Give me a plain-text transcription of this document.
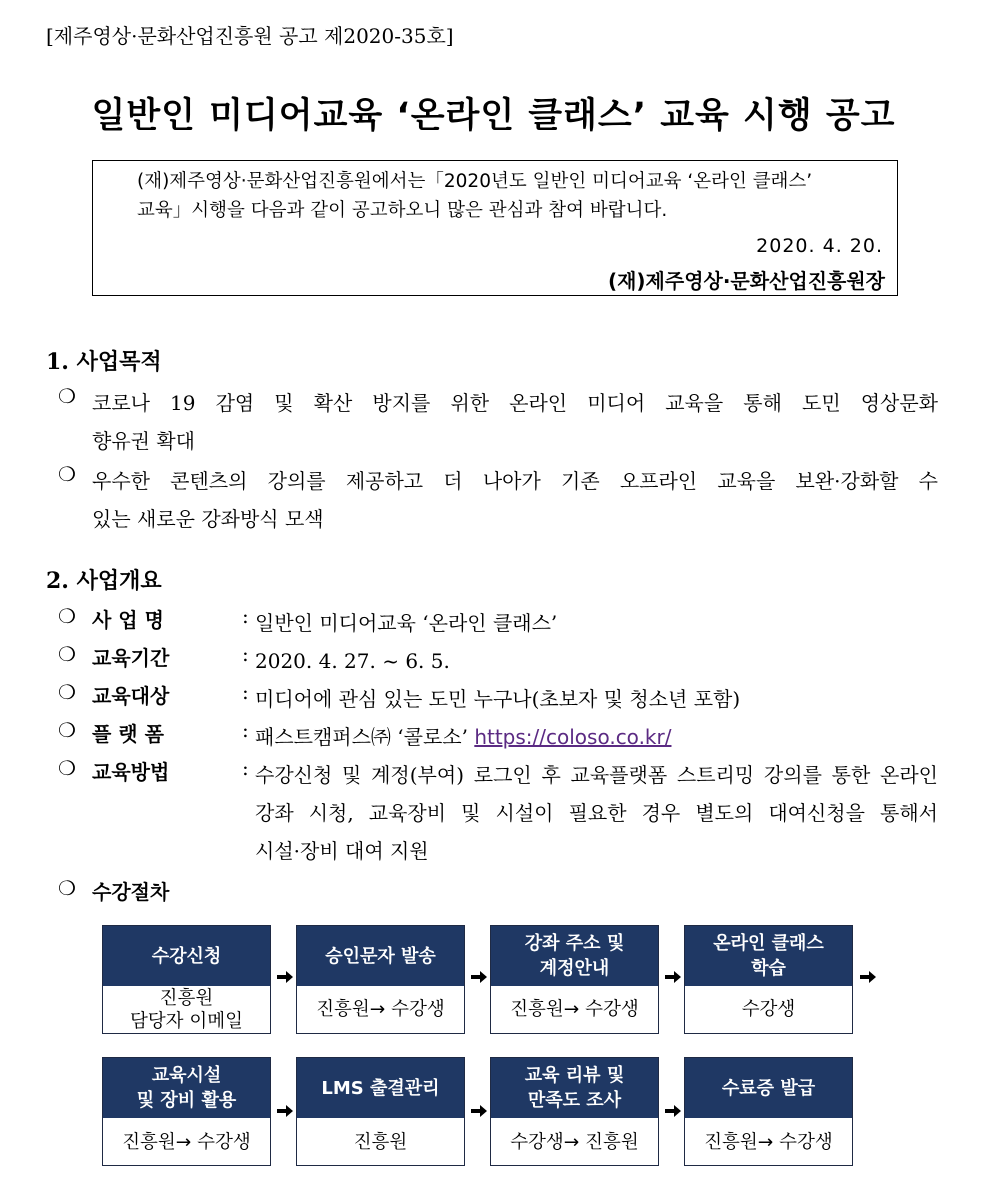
[제주영상·문화산업진흥원 공고 제2020-35호]
일반인 미디어교육 ‘온라인 클래스’ 교육 시행 공고
(재)제주영상·문화산업진흥원에서는「2020년도 일반인 미디어교육 ‘온라인 클래스’
교육」시행을 다음과 같이 공고하오니 많은 관심과 참여 바랍니다.
2020. 4. 20.
(재)제주영상·문화산업진흥원장
1. 사업목적
❍ 코로나 19 감염 및 확산 방지를 위한 온라인 미디어 교육을 통해 도민 영상문화
향유권 확대
❍ 우수한 콘텐츠의 강의를 제공하고 더 나아가 기존 오프라인 교육을 보완·강화할 수
있는 새로운 강좌방식 모색
2. 사업개요
❍ 사 업 명	: 일반인 미디어교육 ‘온라인 클래스’
❍ 교육기간	: 2020. 4. 27. ~ 6. 5.
❍ 교육대상	: 미디어에 관심 있는 도민 누구나(초보자 및 청소년 포함)
❍ 플 랫 폼	: 패스트캠퍼스㈜ ‘콜로소’ https://coloso.co.kr/
❍ 교육방법	: 수강신청 및 계정(부여) 로그인 후 교육플랫폼 스트리밍 강의를 통한 온라인
강좌 시청, 교육장비 및 시설이 필요한 경우 별도의 대여신청을 통해서
시설·장비 대여 지원
❍ 수강절차
수강신청
진흥원
담당자 이메일
승인문자 발송
진흥원→ 수강생
강좌 주소 및
계정안내
진흥원→ 수강생
온라인 클래스
학습
수강생
교육시설
및 장비 활용
진흥원→ 수강생
LMS 출결관리
진흥원
교육 리뷰 및
만족도 조사
수강생→ 진흥원
수료증 발급
진흥원→ 수강생
